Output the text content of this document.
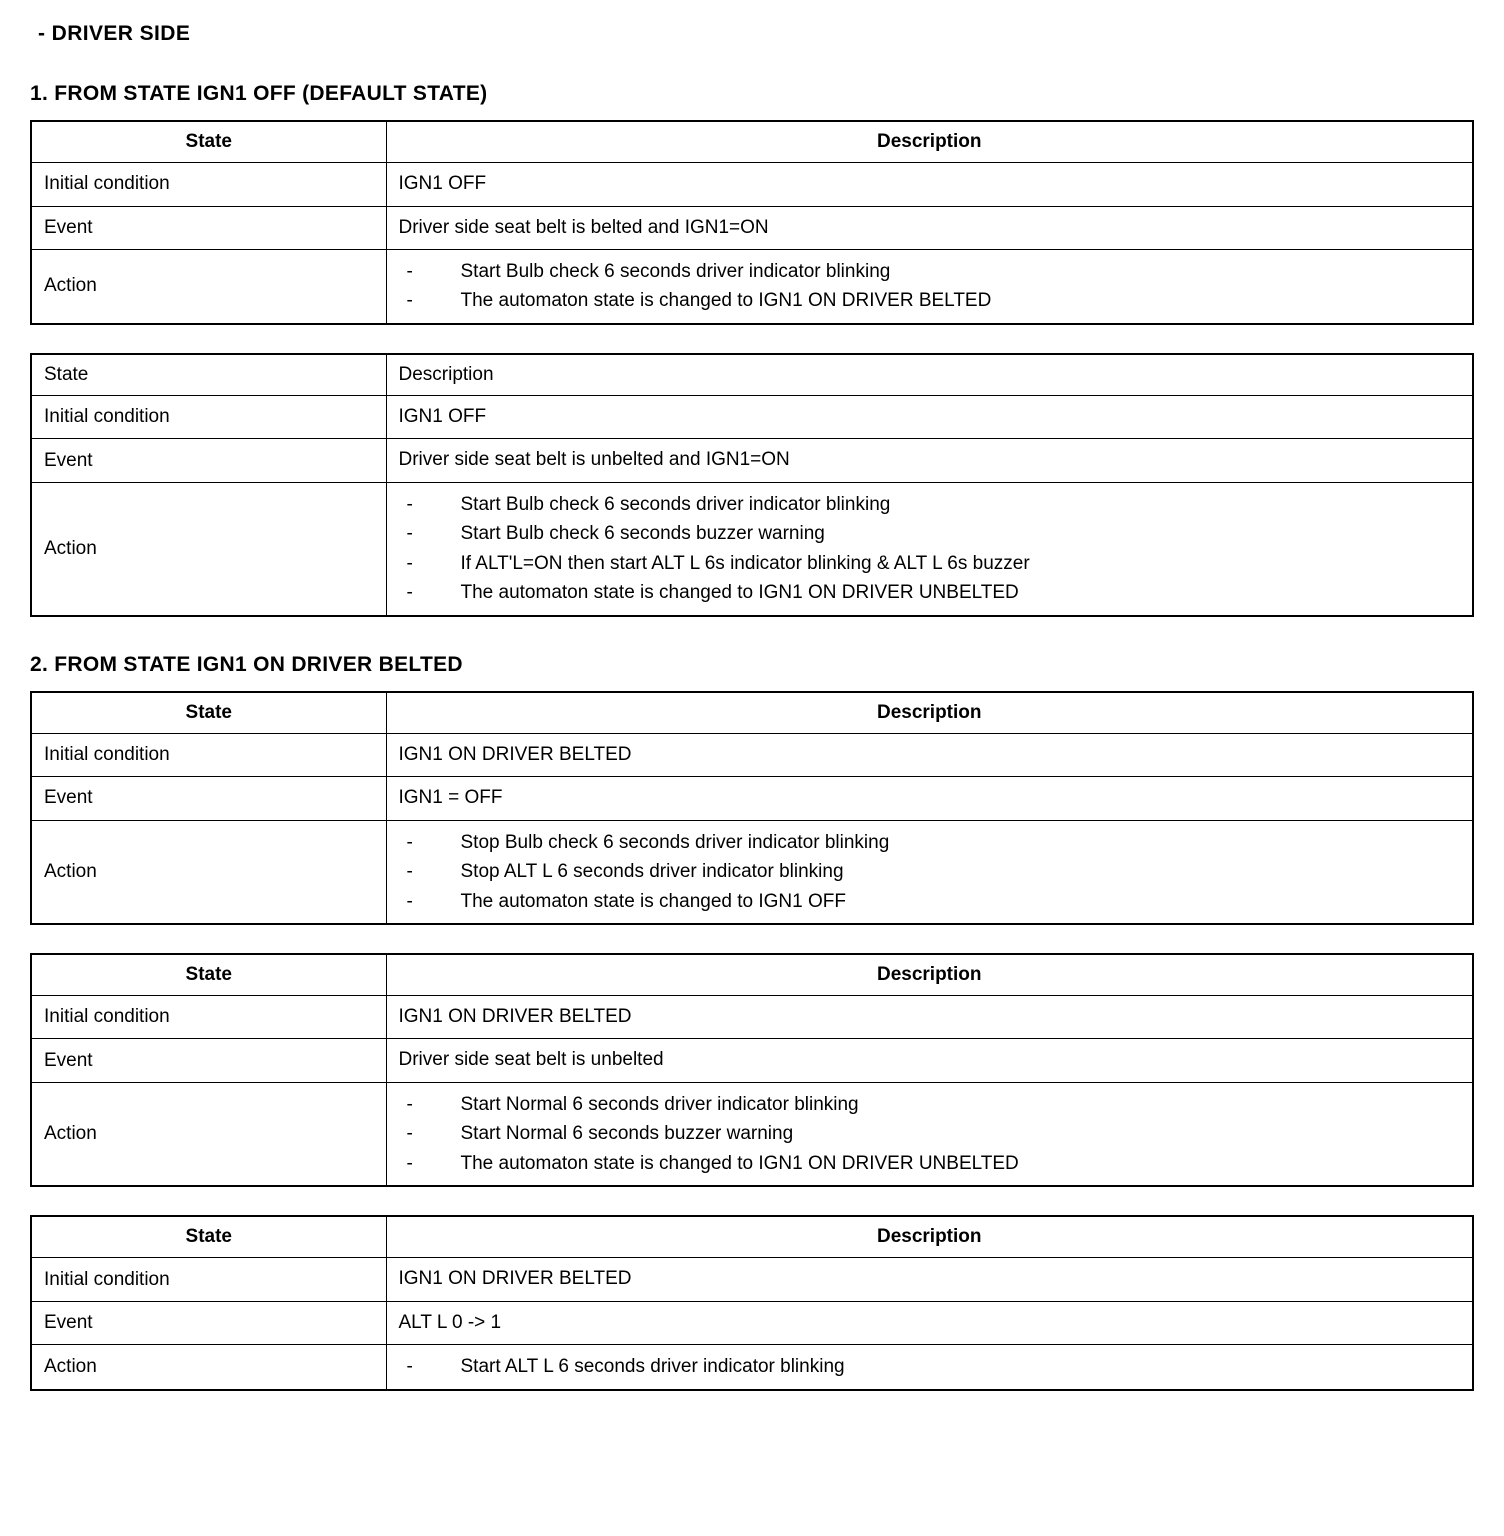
- DRIVER SIDE
1. FROM STATE IGN1 OFF (DEFAULT STATE)
State	Description
Initial condition	IGN1 OFF
Event	Driver side seat belt is belted and IGN1=ON
Action	
-	Start Bulb check 6 seconds driver indicator blinking
-	The automaton state is changed to IGN1 ON DRIVER BELTED
State	Description
Initial condition	IGN1 OFF
Event	Driver side seat belt is unbelted and IGN1=ON
Action	
-	Start Bulb check 6 seconds driver indicator blinking
-	Start Bulb check 6 seconds buzzer warning
-	If ALT'L=ON then start ALT L 6s indicator blinking & ALT L 6s buzzer
-	The automaton state is changed to IGN1 ON DRIVER UNBELTED
2. FROM STATE IGN1 ON DRIVER BELTED
State	Description
Initial condition	IGN1 ON DRIVER BELTED
Event	IGN1 = OFF
Action	
-	Stop Bulb check 6 seconds driver indicator blinking
-	Stop ALT L 6 seconds driver indicator blinking
-	The automaton state is changed to IGN1 OFF
State	Description
Initial condition	IGN1 ON DRIVER BELTED
Event	Driver side seat belt is unbelted
Action	
-	Start Normal 6 seconds driver indicator blinking
-	Start Normal 6 seconds buzzer warning
-	The automaton state is changed to IGN1 ON DRIVER UNBELTED
State	Description
Initial condition	IGN1 ON DRIVER BELTED
Event	ALT L 0 -> 1
Action	-	Start ALT L 6 seconds driver indicator blinking
